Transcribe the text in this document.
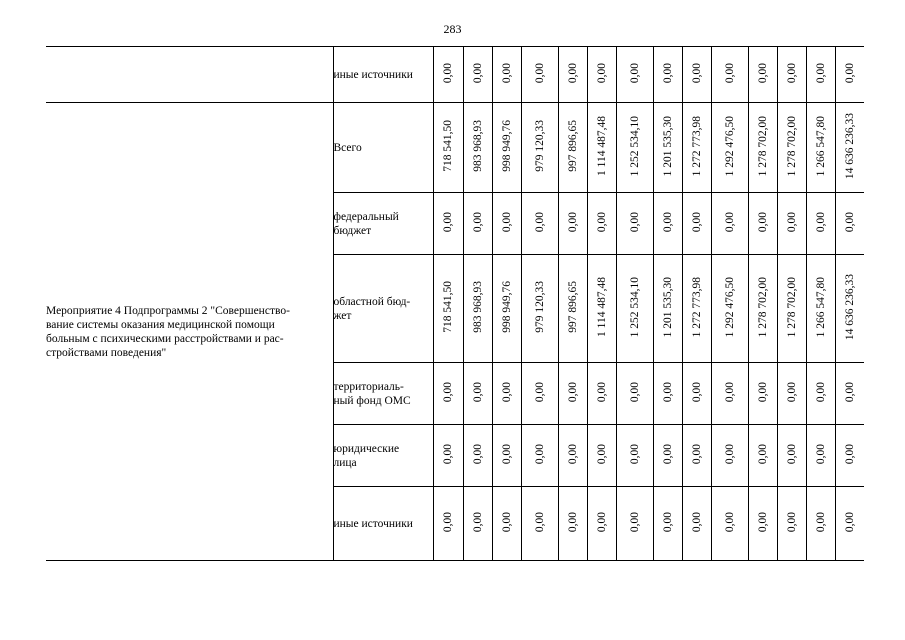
283

	иные источники	0,00	0,00	0,00	0,00	0,00	0,00	0,00	0,00	0,00	0,00	0,00	0,00	0,00	0,00

Мероприятие 4 Подпрограммы 2 "Совершенство-
вание системы оказания медицинской помощи
больным с психическими расстройствами и рас-
стройствами поведения"	Всего	718 541,50	983 968,93	998 949,76	979 120,33	997 896,65	1 114 487,48	1 252 534,10	1 201 535,30	1 272 773,98	1 292 476,50	1 278 702,00	1 278 702,00	1 266 547,80	14 636 236,33

	федеральный
бюджет	0,00	0,00	0,00	0,00	0,00	0,00	0,00	0,00	0,00	0,00	0,00	0,00	0,00	0,00

	областной бюд-
жет	718 541,50	983 968,93	998 949,76	979 120,33	997 896,65	1 114 487,48	1 252 534,10	1 201 535,30	1 272 773,98	1 292 476,50	1 278 702,00	1 278 702,00	1 266 547,80	14 636 236,33

	территориаль-
ный фонд ОМС	0,00	0,00	0,00	0,00	0,00	0,00	0,00	0,00	0,00	0,00	0,00	0,00	0,00	0,00

	юридические
лица	0,00	0,00	0,00	0,00	0,00	0,00	0,00	0,00	0,00	0,00	0,00	0,00	0,00	0,00

	иные источники	0,00	0,00	0,00	0,00	0,00	0,00	0,00	0,00	0,00	0,00	0,00	0,00	0,00	0,00
